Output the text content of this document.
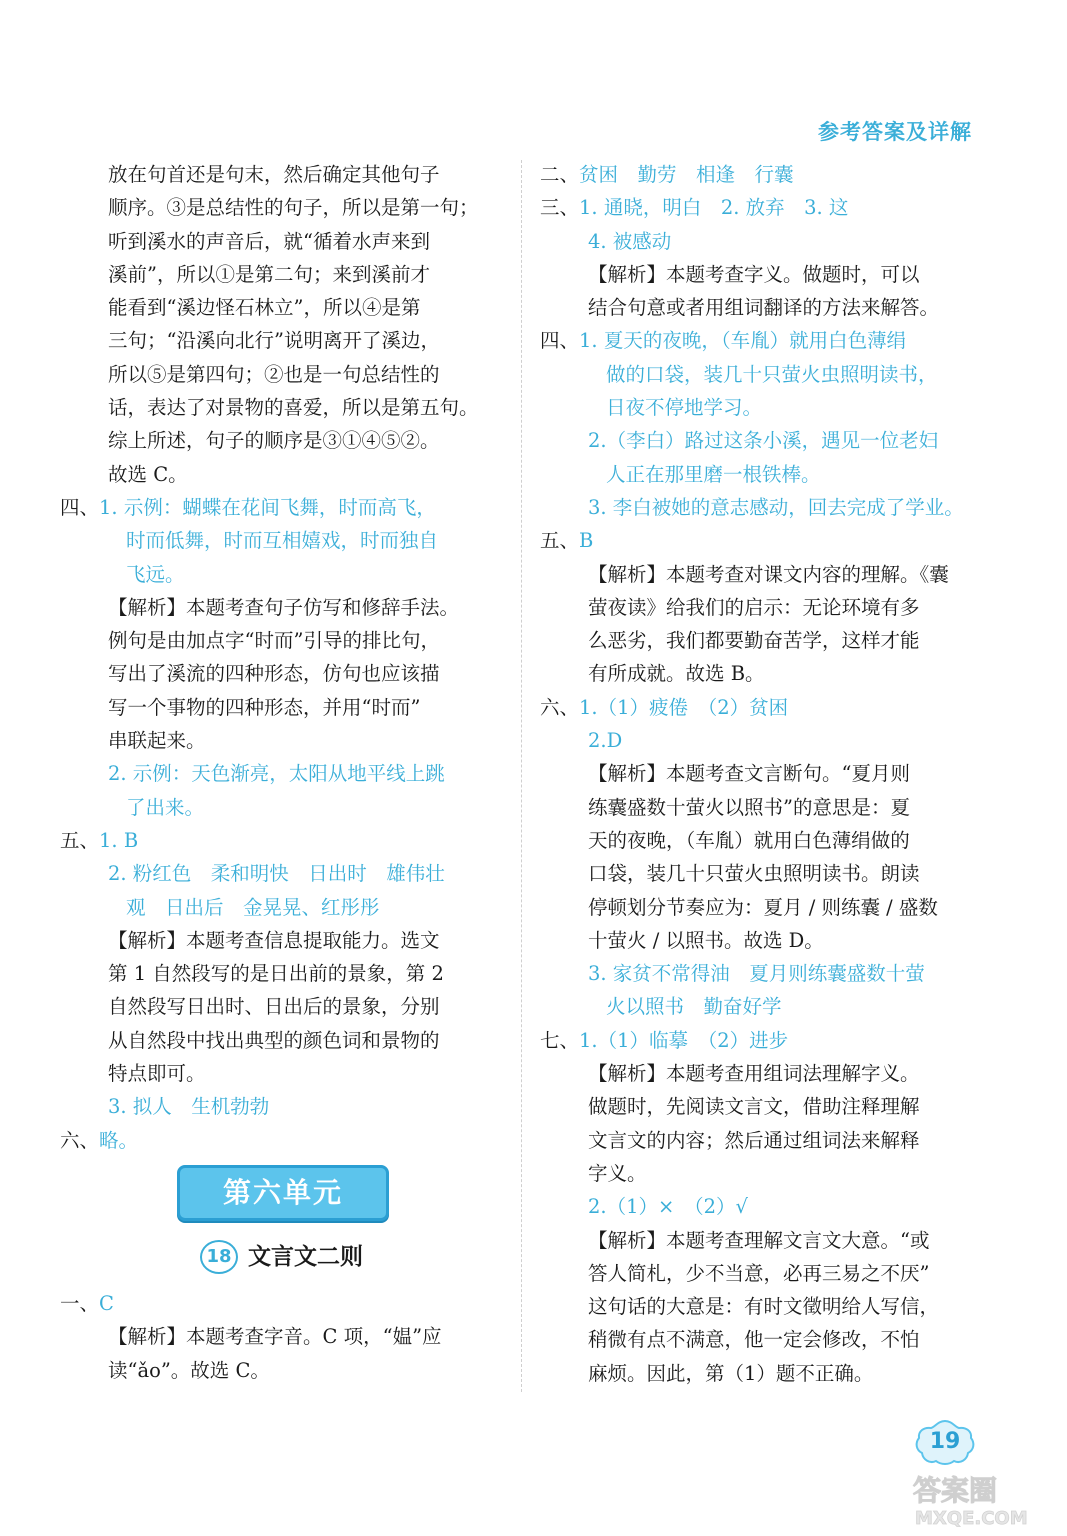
参考答案及详解
放在句首还是句末，然后确定其他句子
顺序。③是总结性的句子，所以是第一句；
听到溪水的声音后，就“循着水声来到
溪前”，所以①是第二句；来到溪前才
能看到“溪边怪石林立”，所以④是第
三句；“沿溪向北行”说明离开了溪边，
所以⑤是第四句；②也是一句总结性的
话，表达了对景物的喜爱，所以是第五句。
综上所述，句子的顺序是③①④⑤②。
故选 C。
四、1. 示例：蝴蝶在花间飞舞，时而高飞，
时而低舞，时而互相嬉戏，时而独自
飞远。
【解析】本题考查句子仿写和修辞手法。
例句是由加点字“时而”引导的排比句，
写出了溪流的四种形态，仿句也应该描
写一个事物的四种形态，并用“时而”
串联起来。
2. 示例：天色渐亮，太阳从地平线上跳
了出来。
五、1. B
2. 粉红色　柔和明快　日出时　雄伟壮
观　日出后　金晃晃、红彤彤
【解析】本题考查信息提取能力。选文
第 1 自然段写的是日出前的景象，第 2
自然段写日出时、日出后的景象，分别
从自然段中找出典型的颜色词和景物的
特点即可。
3. 拟人　生机勃勃
六、略。
第六单元
18 文言文二则
一、C
【解析】本题考查字音。C 项，“媪”应
读“ǎo”。故选 C。
二、贫困　勤劳　相逢　行囊
三、1. 通晓，明白　2. 放弃　3. 这
4. 被感动
【解析】本题考查字义。做题时，可以
结合句意或者用组词翻译的方法来解答。
四、1. 夏天的夜晚，（车胤）就用白色薄绢
做的口袋，装几十只萤火虫照明读书，
日夜不停地学习。
2.（李白）路过这条小溪，遇见一位老妇
人正在那里磨一根铁棒。
3. 李白被她的意志感动，回去完成了学业。
五、B
【解析】本题考查对课文内容的理解。《囊
萤夜读》给我们的启示：无论环境有多
么恶劣，我们都要勤奋苦学，这样才能
有所成就。故选 B。
六、1.（1）疲倦　（2）贫困
2.D
【解析】本题考查文言断句。“夏月则
练囊盛数十萤火以照书”的意思是：夏
天的夜晚，（车胤）就用白色薄绢做的
口袋，装几十只萤火虫照明读书。朗读
停顿划分节奏应为：夏月 / 则练囊 / 盛数
十萤火 / 以照书。故选 D。
3. 家贫不常得油　夏月则练囊盛数十萤
火以照书　勤奋好学
七、1.（1）临摹　（2）进步
【解析】本题考查用组词法理解字义。
做题时，先阅读文言文，借助注释理解
文言文的内容；然后通过组词法来解释
字义。
2.（1）×　（2）√
【解析】本题考查理解文言文大意。“或
答人简札，少不当意，必再三易之不厌”
这句话的大意是：有时文徵明给人写信，
稍微有点不满意，他一定会修改，不怕
麻烦。因此，第（1）题不正确。
19
答案圈
MXQE.COM
